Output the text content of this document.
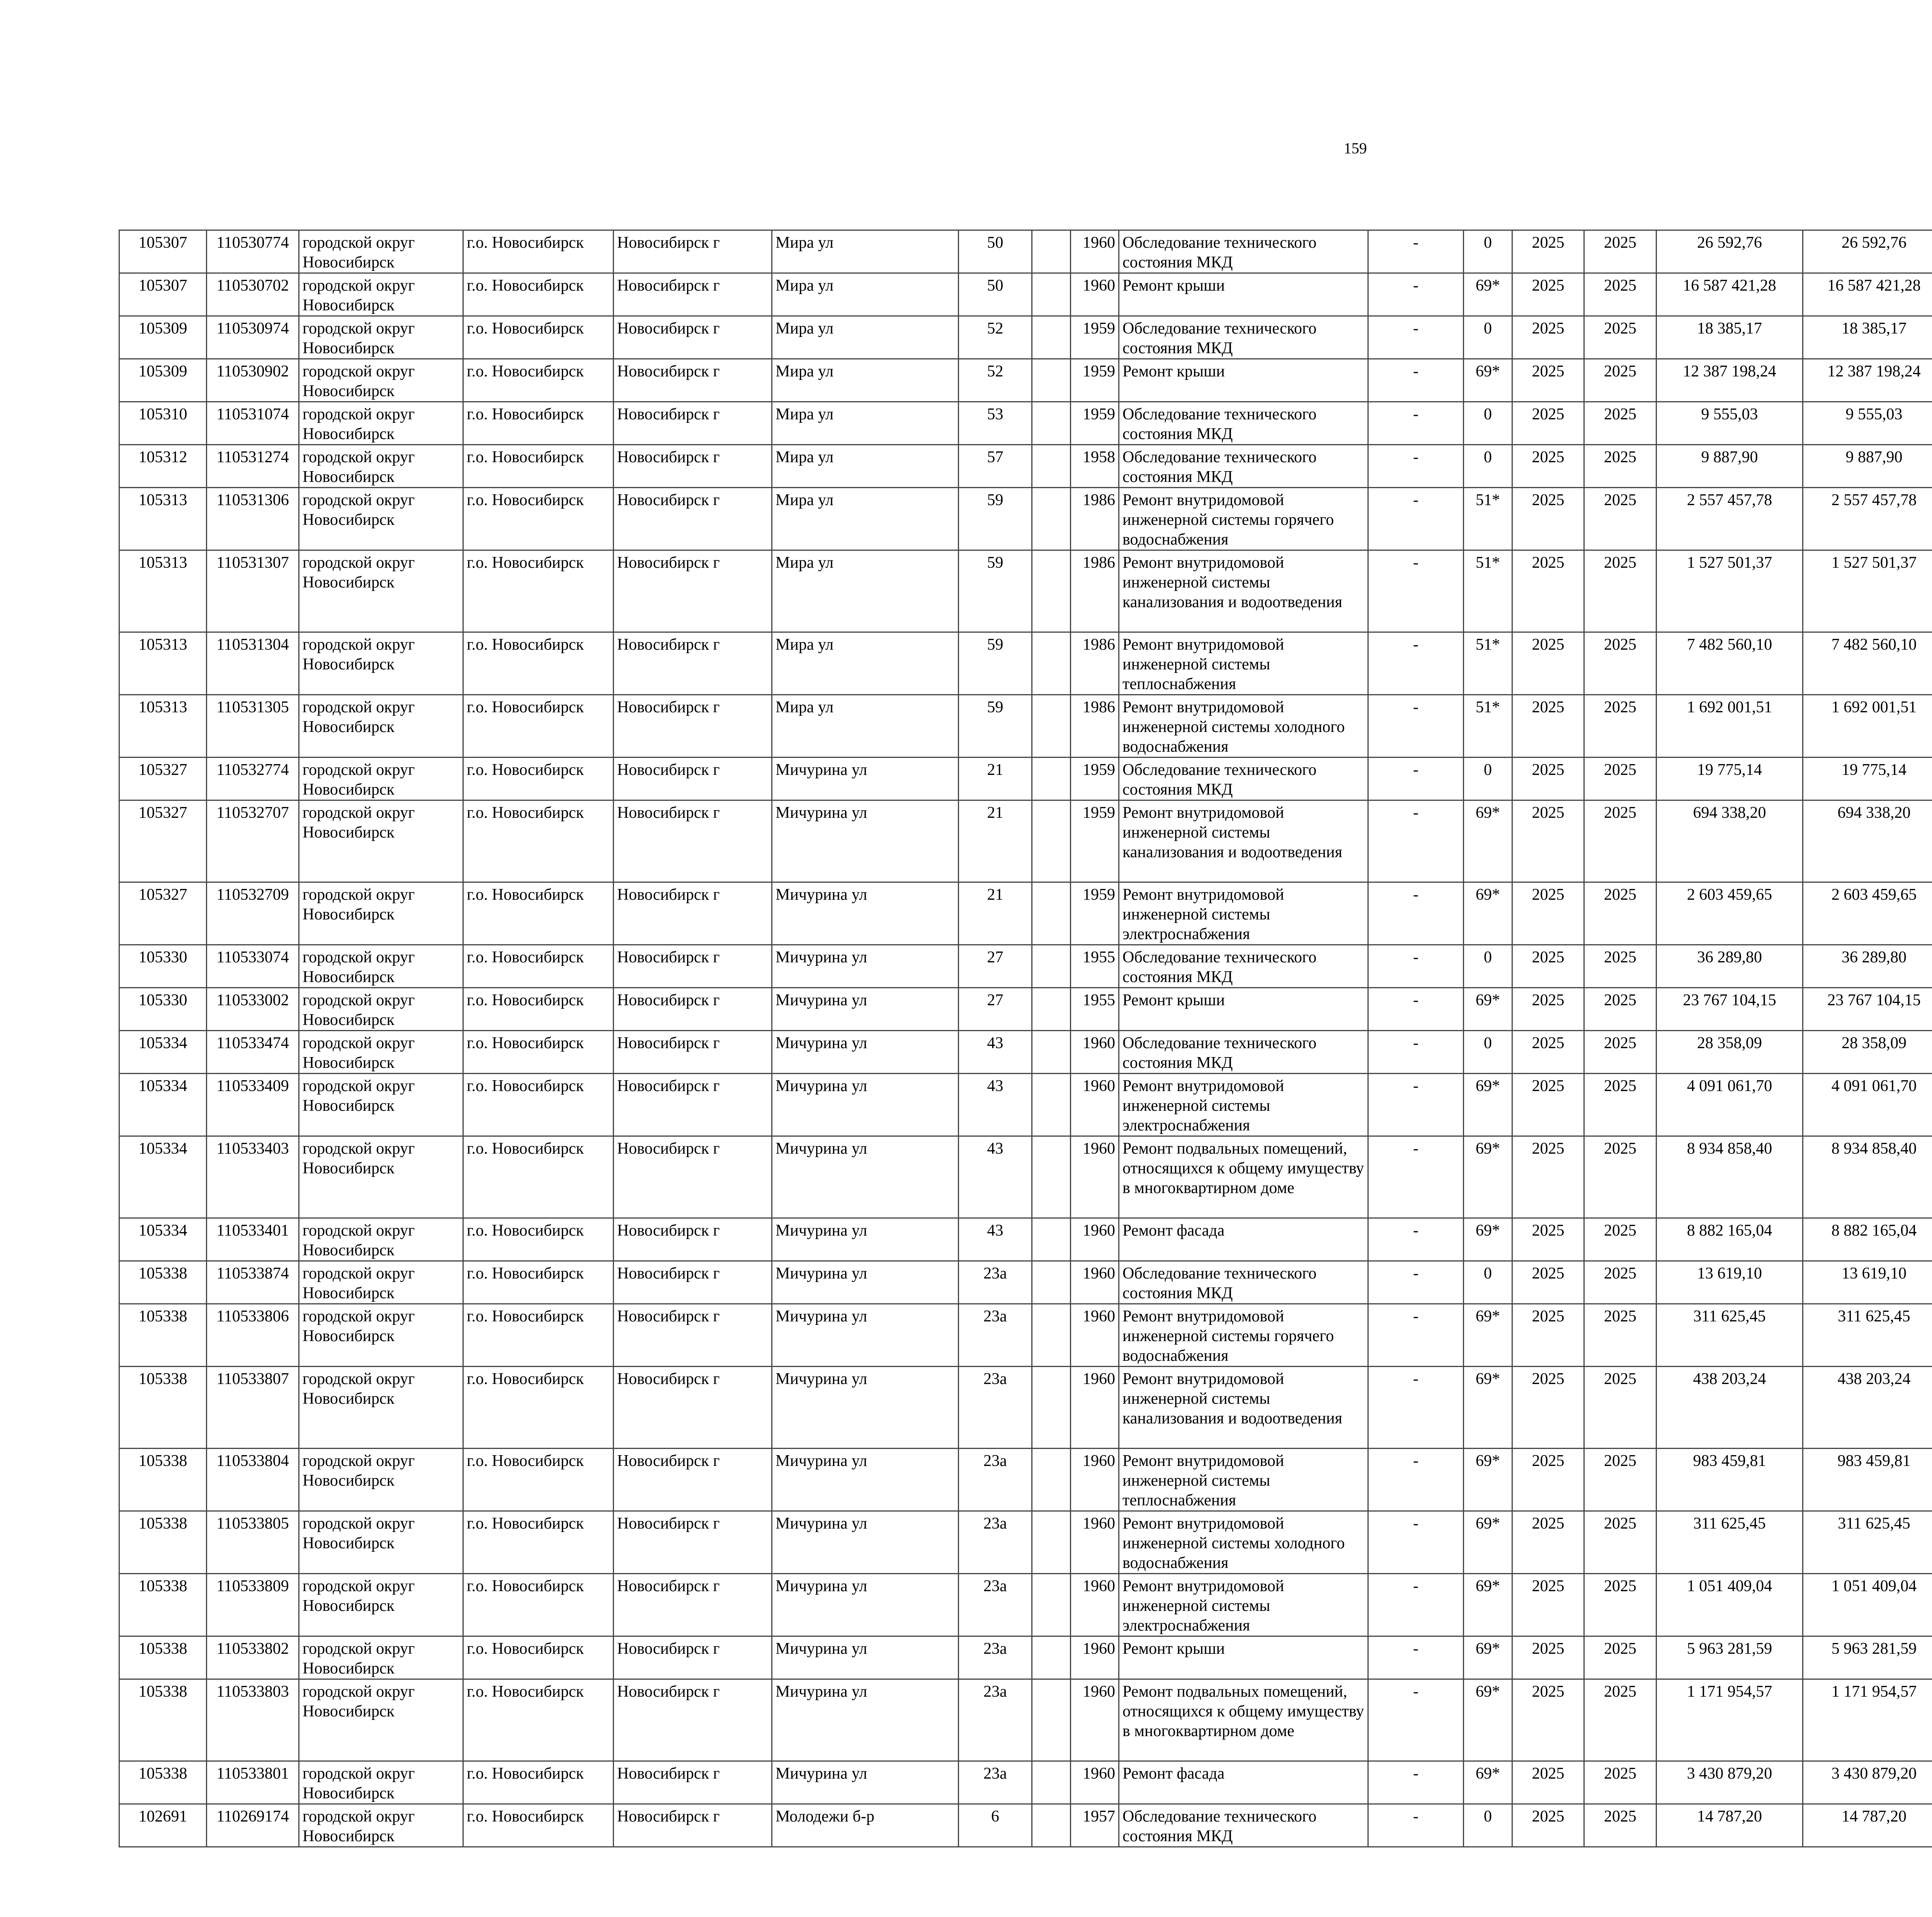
159
105307	110530774	городской округ Новосибирск	г.о. Новосибирск	Новосибирск г	Мира ул	50		1960	Обследование технического состояния МКД	-	0	2025	2025	26 592,76	26 592,76						
105307	110530702	городской округ Новосибирск	г.о. Новосибирск	Новосибирск г	Мира ул	50		1960	Ремонт крыши	-	69*	2025	2025	16 587 421,28	16 587 421,28						
105309	110530974	городской округ Новосибирск	г.о. Новосибирск	Новосибирск г	Мира ул	52		1959	Обследование технического состояния МКД	-	0	2025	2025	18 385,17	18 385,17						
105309	110530902	городской округ Новосибирск	г.о. Новосибирск	Новосибирск г	Мира ул	52		1959	Ремонт крыши	-	69*	2025	2025	12 387 198,24	12 387 198,24						
105310	110531074	городской округ Новосибирск	г.о. Новосибирск	Новосибирск г	Мира ул	53		1959	Обследование технического состояния МКД	-	0	2025	2025	9 555,03	9 555,03						
105312	110531274	городской округ Новосибирск	г.о. Новосибирск	Новосибирск г	Мира ул	57		1958	Обследование технического состояния МКД	-	0	2025	2025	9 887,90	9 887,90						
105313	110531306	городской округ Новосибирск	г.о. Новосибирск	Новосибирск г	Мира ул	59		1986	Ремонт внутридомовой инженерной системы горячего водоснабжения	-	51*	2025	2025	2 557 457,78	2 557 457,78						
105313	110531307	городской округ Новосибирск	г.о. Новосибирск	Новосибирск г	Мира ул	59		1986	Ремонт внутридомовой инженерной системы канализования и водоотведения	-	51*	2025	2025	1 527 501,37	1 527 501,37						
105313	110531304	городской округ Новосибирск	г.о. Новосибирск	Новосибирск г	Мира ул	59		1986	Ремонт внутридомовой инженерной системы теплоснабжения	-	51*	2025	2025	7 482 560,10	7 482 560,10						
105313	110531305	городской округ Новосибирск	г.о. Новосибирск	Новосибирск г	Мира ул	59		1986	Ремонт внутридомовой инженерной системы холодного водоснабжения	-	51*	2025	2025	1 692 001,51	1 692 001,51						
105327	110532774	городской округ Новосибирск	г.о. Новосибирск	Новосибирск г	Мичурина ул	21		1959	Обследование технического состояния МКД	-	0	2025	2025	19 775,14	19 775,14						
105327	110532707	городской округ Новосибирск	г.о. Новосибирск	Новосибирск г	Мичурина ул	21		1959	Ремонт внутридомовой инженерной системы канализования и водоотведения	-	69*	2025	2025	694 338,20	694 338,20						
105327	110532709	городской округ Новосибирск	г.о. Новосибирск	Новосибирск г	Мичурина ул	21		1959	Ремонт внутридомовой инженерной системы электроснабжения	-	69*	2025	2025	2 603 459,65	2 603 459,65						
105330	110533074	городской округ Новосибирск	г.о. Новосибирск	Новосибирск г	Мичурина ул	27		1955	Обследование технического состояния МКД	-	0	2025	2025	36 289,80	36 289,80						
105330	110533002	городской округ Новосибирск	г.о. Новосибирск	Новосибирск г	Мичурина ул	27		1955	Ремонт крыши	-	69*	2025	2025	23 767 104,15	23 767 104,15						
105334	110533474	городской округ Новосибирск	г.о. Новосибирск	Новосибирск г	Мичурина ул	43		1960	Обследование технического состояния МКД	-	0	2025	2025	28 358,09	28 358,09						
105334	110533409	городской округ Новосибирск	г.о. Новосибирск	Новосибирск г	Мичурина ул	43		1960	Ремонт внутридомовой инженерной системы электроснабжения	-	69*	2025	2025	4 091 061,70	4 091 061,70						
105334	110533403	городской округ Новосибирск	г.о. Новосибирск	Новосибирск г	Мичурина ул	43		1960	Ремонт подвальных помещений, относящихся к общему имуществу в многоквартирном доме	-	69*	2025	2025	8 934 858,40	8 934 858,40						
105334	110533401	городской округ Новосибирск	г.о. Новосибирск	Новосибирск г	Мичурина ул	43		1960	Ремонт фасада	-	69*	2025	2025	8 882 165,04	8 882 165,04						
105338	110533874	городской округ Новосибирск	г.о. Новосибирск	Новосибирск г	Мичурина ул	23а		1960	Обследование технического состояния МКД	-	0	2025	2025	13 619,10	13 619,10						
105338	110533806	городской округ Новосибирск	г.о. Новосибирск	Новосибирск г	Мичурина ул	23а		1960	Ремонт внутридомовой инженерной системы горячего водоснабжения	-	69*	2025	2025	311 625,45	311 625,45						
105338	110533807	городской округ Новосибирск	г.о. Новосибирск	Новосибирск г	Мичурина ул	23а		1960	Ремонт внутридомовой инженерной системы канализования и водоотведения	-	69*	2025	2025	438 203,24	438 203,24						
105338	110533804	городской округ Новосибирск	г.о. Новосибирск	Новосибирск г	Мичурина ул	23а		1960	Ремонт внутридомовой инженерной системы теплоснабжения	-	69*	2025	2025	983 459,81	983 459,81						
105338	110533805	городской округ Новосибирск	г.о. Новосибирск	Новосибирск г	Мичурина ул	23а		1960	Ремонт внутридомовой инженерной системы холодного водоснабжения	-	69*	2025	2025	311 625,45	311 625,45						
105338	110533809	городской округ Новосибирск	г.о. Новосибирск	Новосибирск г	Мичурина ул	23а		1960	Ремонт внутридомовой инженерной системы электроснабжения	-	69*	2025	2025	1 051 409,04	1 051 409,04						
105338	110533802	городской округ Новосибирск	г.о. Новосибирск	Новосибирск г	Мичурина ул	23а		1960	Ремонт крыши	-	69*	2025	2025	5 963 281,59	5 963 281,59						
105338	110533803	городской округ Новосибирск	г.о. Новосибирск	Новосибирск г	Мичурина ул	23а		1960	Ремонт подвальных помещений, относящихся к общему имуществу в многоквартирном доме	-	69*	2025	2025	1 171 954,57	1 171 954,57						
105338	110533801	городской округ Новосибирск	г.о. Новосибирск	Новосибирск г	Мичурина ул	23а		1960	Ремонт фасада	-	69*	2025	2025	3 430 879,20	3 430 879,20						
102691	110269174	городской округ Новосибирск	г.о. Новосибирск	Новосибирск г	Молодежи б-р	6		1957	Обследование технического состояния МКД	-	0	2025	2025	14 787,20	14 787,20						
